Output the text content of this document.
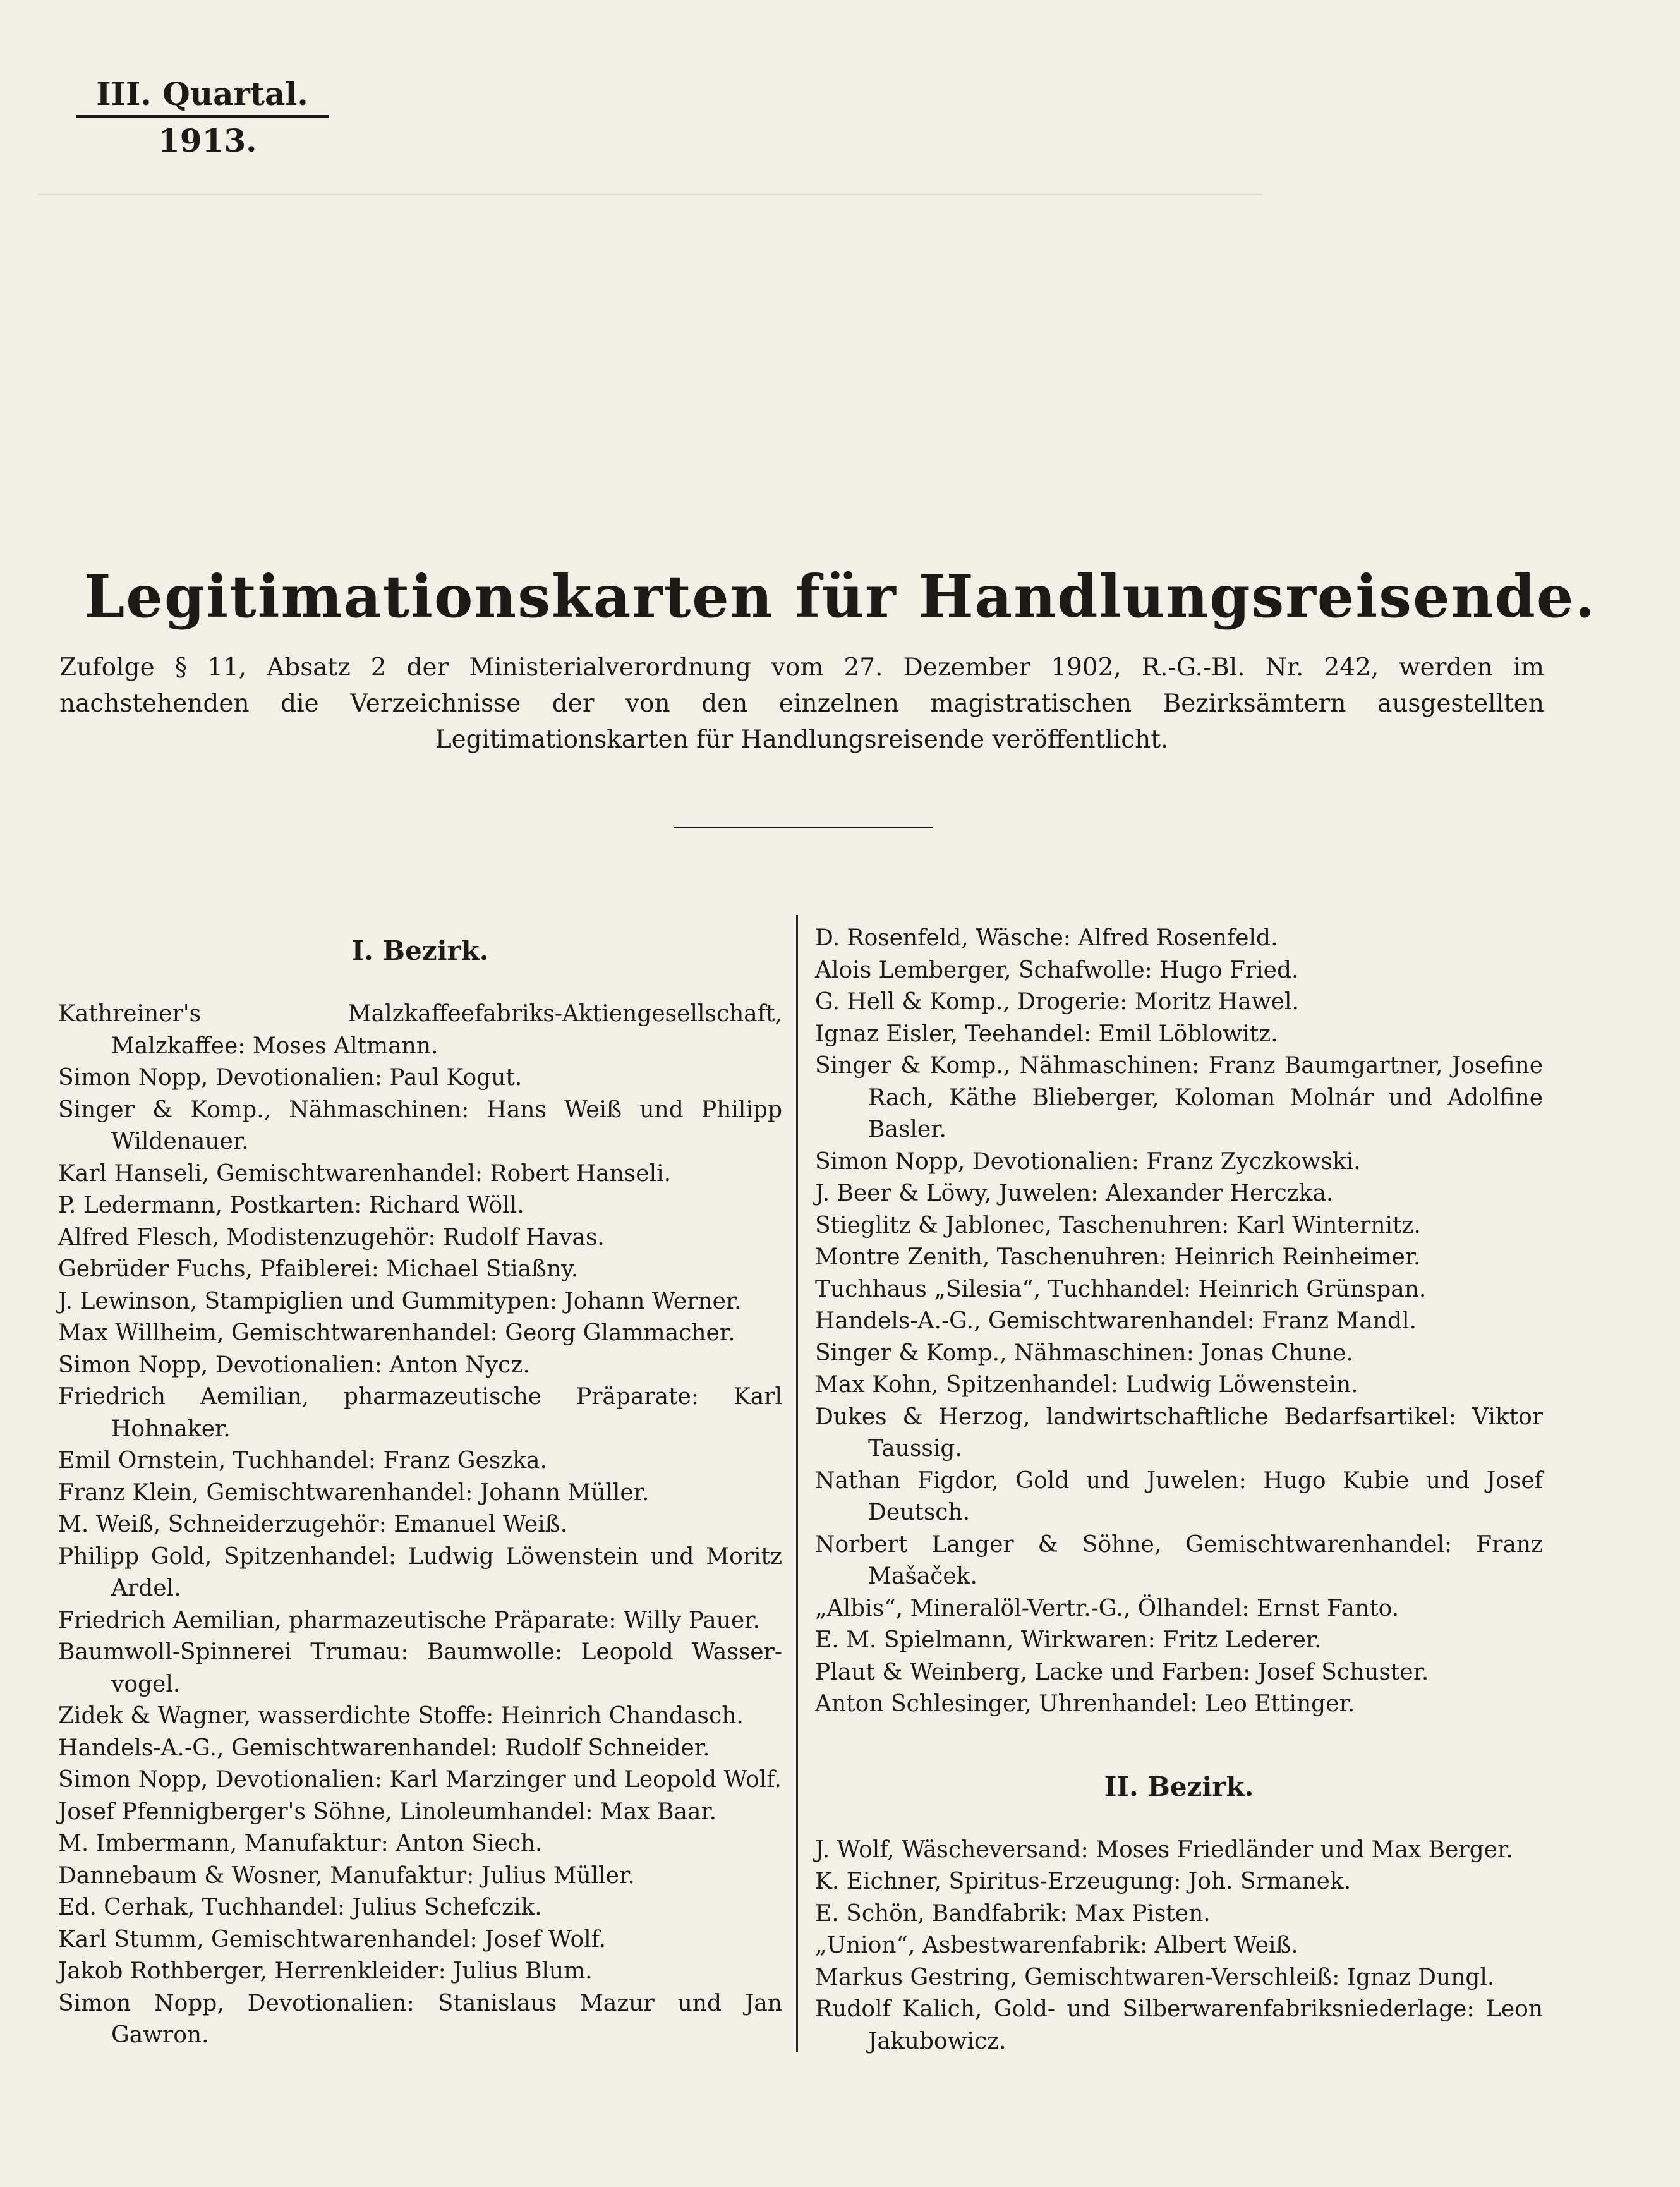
―――――――――――――――――――――――――――――――――――――――――――――――――――――――――
III. Quartal.
1913.
Legitimationskarten für Handlungsreisende.
Zufolge § 11, Absatz 2 der Ministerialverordnung vom 27. Dezember 1902, R.-G.-Bl. Nr. 242, werden im nachstehenden die Verzeichnisse der von den einzelnen magistratischen Bezirksämtern ausgestellten Legitimationskarten für Handlungsreisende veröffentlicht.
I. Bezirk.
Kathreiner's Malzkaffeefabriks-Aktiengesellschaft, Malzkaffee: Moses Altmann.
Simon Nopp, Devotionalien: Paul Kogut.
Singer & Komp., Nähmaschinen: Hans Weiß und Philipp Wildenauer.
Karl Hanseli, Gemischtwarenhandel: Robert Hanseli.
P. Ledermann, Postkarten: Richard Wöll.
Alfred Flesch, Modistenzugehör: Rudolf Havas.
Gebrüder Fuchs, Pfaiblerei: Michael Stiaßny.
J. Lewinson, Stampiglien und Gummitypen: Johann Werner.
Max Willheim, Gemischtwarenhandel: Georg Glammacher.
Simon Nopp, Devotionalien: Anton Nycz.
Friedrich Aemilian, pharmazeutische Präparate: Karl Hohnaker.
Emil Ornstein, Tuchhandel: Franz Geszka.
Franz Klein, Gemischtwarenhandel: Johann Müller.
M. Weiß, Schneiderzugehör: Emanuel Weiß.
Philipp Gold, Spitzenhandel: Ludwig Löwenstein und Moritz Ardel.
Friedrich Aemilian, pharmazeutische Präparate: Willy Pauer.
Baumwoll-Spinnerei Trumau: Baumwolle: Leopold Wasser-vogel.
Zidek & Wagner, wasserdichte Stoffe: Heinrich Chandasch.
Handels-A.-G., Gemischtwarenhandel: Rudolf Schneider.
Simon Nopp, Devotionalien: Karl Marzinger und Leopold Wolf.
Josef Pfennigberger's Söhne, Linoleumhandel: Max Baar.
M. Imbermann, Manufaktur: Anton Siech.
Dannebaum & Wosner, Manufaktur: Julius Müller.
Ed. Cerhak, Tuchhandel: Julius Schefczik.
Karl Stumm, Gemischtwarenhandel: Josef Wolf.
Jakob Rothberger, Herrenkleider: Julius Blum.
Simon Nopp, Devotionalien: Stanislaus Mazur und Jan Gawron.
D. Rosenfeld, Wäsche: Alfred Rosenfeld.
Alois Lemberger, Schafwolle: Hugo Fried.
G. Hell & Komp., Drogerie: Moritz Hawel.
Ignaz Eisler, Teehandel: Emil Löblowitz.
Singer & Komp., Nähmaschinen: Franz Baumgartner, Josefine Rach, Käthe Blieberger, Koloman Molnár und Adolfine Basler.
Simon Nopp, Devotionalien: Franz Zyczkowski.
J. Beer & Löwy, Juwelen: Alexander Herczka.
Stieglitz & Jablonec, Taschenuhren: Karl Winternitz.
Montre Zenith, Taschenuhren: Heinrich Reinheimer.
Tuchhaus „Silesia“, Tuchhandel: Heinrich Grünspan.
Handels-A.-G., Gemischtwarenhandel: Franz Mandl.
Singer & Komp., Nähmaschinen: Jonas Chune.
Max Kohn, Spitzenhandel: Ludwig Löwenstein.
Dukes & Herzog, landwirtschaftliche Bedarfsartikel: Viktor Taussig.
Nathan Figdor, Gold und Juwelen: Hugo Kubie und Josef Deutsch.
Norbert Langer & Söhne, Gemischtwarenhandel: Franz Mašaček.
„Albis“, Mineralöl-Vertr.-G., Ölhandel: Ernst Fanto.
E. M. Spielmann, Wirkwaren: Fritz Lederer.
Plaut & Weinberg, Lacke und Farben: Josef Schuster.
Anton Schlesinger, Uhrenhandel: Leo Ettinger.
II. Bezirk.
J. Wolf, Wäscheversand: Moses Friedländer und Max Berger.
K. Eichner, Spiritus-Erzeugung: Joh. Srmanek.
E. Schön, Bandfabrik: Max Pisten.
„Union“, Asbestwarenfabrik: Albert Weiß.
Markus Gestring, Gemischtwaren-Verschleiß: Ignaz Dungl.
Rudolf Kalich, Gold- und Silberwarenfabriksniederlage: Leon Jakubowicz.
